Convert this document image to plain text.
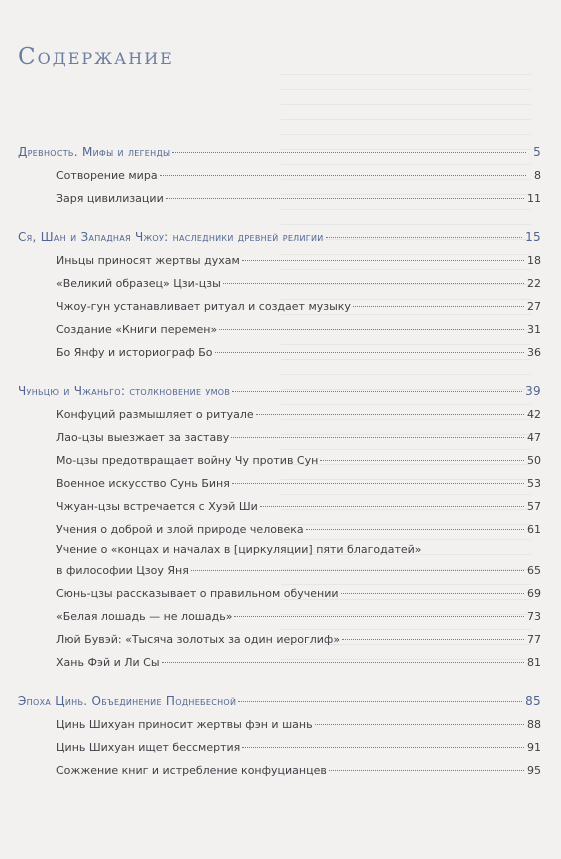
Содержание
Древность. Мифы и легенды	5
Сотворение мира	8
Заря цивилизации	11
Ся, Шан и Западная Чжоу: наследники древней религии	15
Иньцы приносят жертвы духам	18
«Великий образец» Цзи-цзы	22
Чжоу-гун устанавливает ритуал и создает музыку	27
Создание «Книги перемен»	31
Бо Янфу и историограф Бо	36
Чуньцю и Чжаньго: столкновение умов	39
Конфуций размышляет о ритуале	42
Лао-цзы выезжает за заставу	47
Мо-цзы предотвращает войну Чу против Сун	50
Военное искусство Сунь Биня	53
Чжуан-цзы встречается с Хуэй Ши	57
Учения о доброй и злой природе человека	61
Учение о «концах и началах в [циркуляции] пяти благодатей»
в философии Цзоу Яня	65
Сюнь-цзы рассказывает о правильном обучении	69
«Белая лошадь — не лошадь»	73
Люй Бувэй: «Тысяча золотых за один иероглиф»	77
Хань Фэй и Ли Сы	81
Эпоха Цинь. Объединение Поднебесной	85
Цинь Шихуан приносит жертвы фэн и шань	88
Цинь Шихуан ищет бессмертия	91
Сожжение книг и истребление конфуцианцев	95
